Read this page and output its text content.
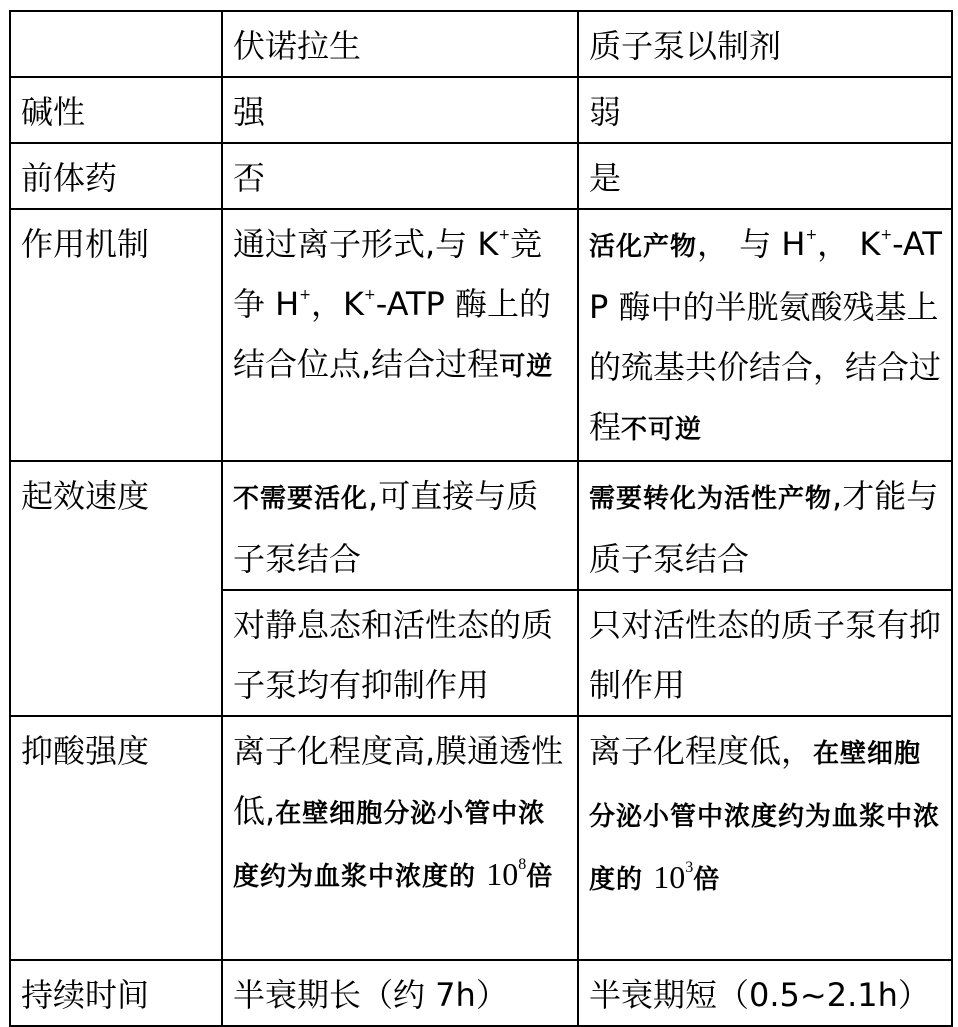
	伏诺拉生	质子泵以制剂
碱性	强	弱
前体药	否	是
作用机制	通过离子形式,与 K+竞争 H+，K+-ATP 酶上的结合位点,结合过程可逆	活化产物， 与 H+， K+-ATP 酶中的半胱氨酸残基上的巯基共价结合，结合过程不可逆
起效速度	不需要活化,可直接与质子泵结合	需要转化为活性产物,才能与质子泵结合
	对静息态和活性态的质子泵均有抑制作用	只对活性态的质子泵有抑制作用
抑酸强度	离子化程度高,膜通透性低,在壁细胞分泌小管中浓度约为血浆中浓度的 $10^8$倍	离子化程度低，在壁细胞分泌小管中浓度约为血浆中浓度的 $10^3$倍
持续时间	半衰期长（约 7h）	半衰期短（0.5~2.1h）
